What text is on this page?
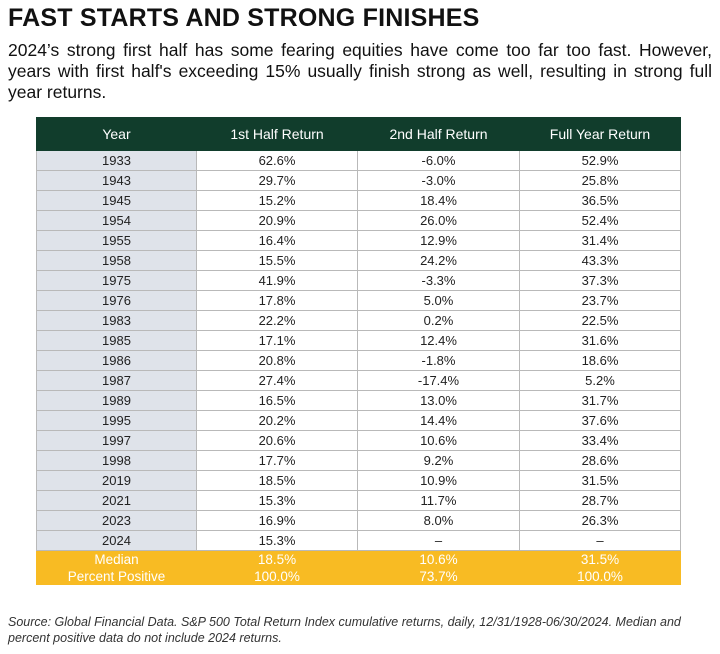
FAST STARTS AND STRONG FINISHES
2024’s strong first half has some fearing equities have come too far too fast. However, years with first half's exceeding 15% usually finish strong as well, resulting in strong full year returns.
Year	1st Half Return	2nd Half Return	Full Year Return
1933	62.6%	-6.0%	52.9%
1943	29.7%	-3.0%	25.8%
1945	15.2%	18.4%	36.5%
1954	20.9%	26.0%	52.4%
1955	16.4%	12.9%	31.4%
1958	15.5%	24.2%	43.3%
1975	41.9%	-3.3%	37.3%
1976	17.8%	5.0%	23.7%
1983	22.2%	0.2%	22.5%
1985	17.1%	12.4%	31.6%
1986	20.8%	-1.8%	18.6%
1987	27.4%	-17.4%	5.2%
1989	16.5%	13.0%	31.7%
1995	20.2%	14.4%	37.6%
1997	20.6%	10.6%	33.4%
1998	17.7%	9.2%	28.6%
2019	18.5%	10.9%	31.5%
2021	15.3%	11.7%	28.7%
2023	16.9%	8.0%	26.3%
2024	15.3%	–	–
Median	18.5%	10.6%	31.5%
Percent Positive	100.0%	73.7%	100.0%
Source: Global Financial Data. S&P 500 Total Return Index cumulative returns, daily, 12/31/1928-06/30/2024. Median and percent positive data do not include 2024 returns.
